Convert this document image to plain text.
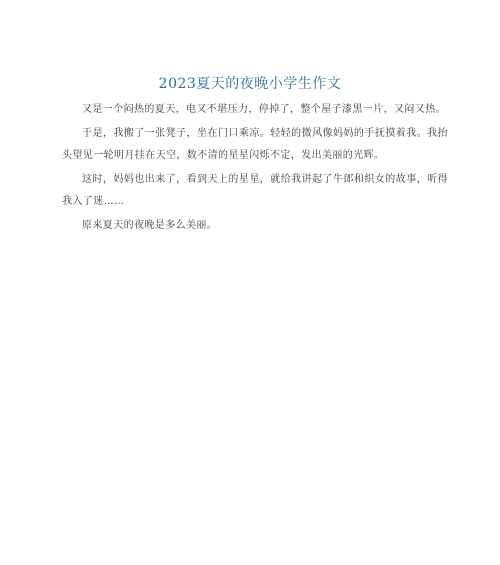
2023夏天的夜晚小学生作文

又是一个闷热的夏天，电又不堪压力，停掉了，整个屋子漆黑一片，又闷又热。

于是，我搬了一张凳子，坐在门口乘凉。轻轻的微风像妈妈的手抚摸着我。我抬头望见一轮明月挂在天空，数不清的星星闪烁不定，发出美丽的光辉。

这时，妈妈也出来了，看到天上的星星，就给我讲起了牛郎和织女的故事，听得我入了迷……

原来夏天的夜晚是多么美丽。
